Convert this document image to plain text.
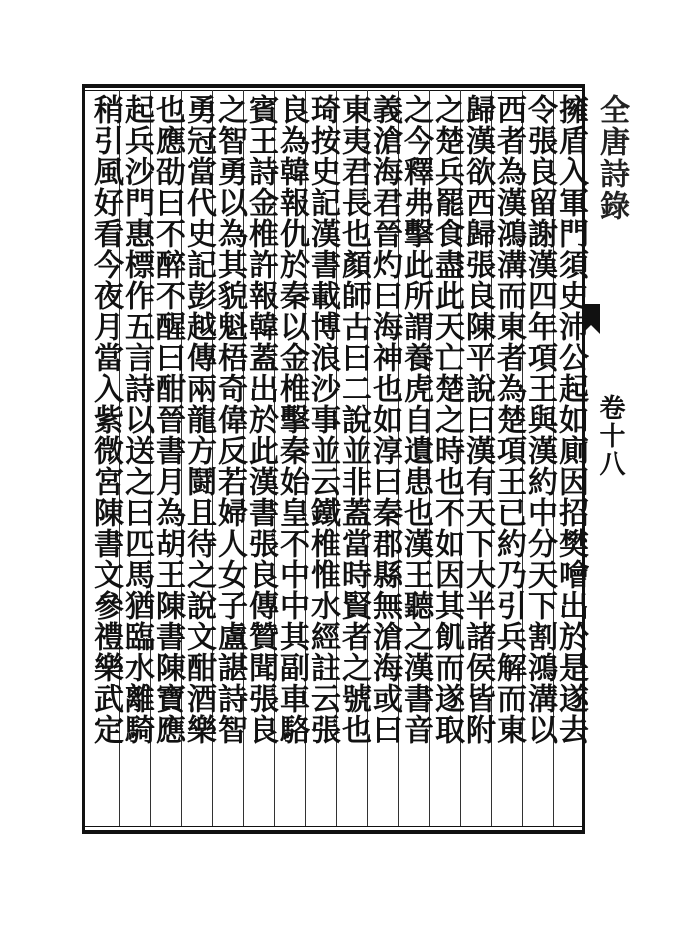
全唐詩錄
卷十八
擁盾入軍門須史沛公起如廁因招樊噲出於是遂去
令張良留謝漢四年項王與漢約中分天下割鴻溝以
西者為漢鴻溝而東者為楚項王已約乃引兵解而東
歸漢欲西歸張良陳平說曰漢有天下大半諸侯皆附
之楚兵罷食盡此天亡楚之時也不如因其飢而遂取
之今釋弗擊此所謂養虎自遺患也漢王聽之漢書音
義滄海君晉灼曰海神也如淳曰秦郡縣無滄海或曰
東夷君長也顏師古曰二說並非蓋當時賢者之號也
琦按史記漢書載博浪沙事並云鐵椎惟水經註云張
良為韓報仇於秦以金椎擊秦始皇不中中其副車駱
賓王詩金椎許報韓蓋出於此漢書張良傳贊聞張良
之智勇以為其貌魁梧奇偉反若婦人女子盧諶詩智
勇冠當代史記彭越傳兩龍方鬪且待之說文酣酒樂
也應劭曰不醉不醒曰酣晉書月為胡王陳書陳寶應
起兵沙門惠標作五言詩以送之曰匹馬猶臨水離騎
稍引風好看今夜月當入紫微宮陳書文參禮樂武定
